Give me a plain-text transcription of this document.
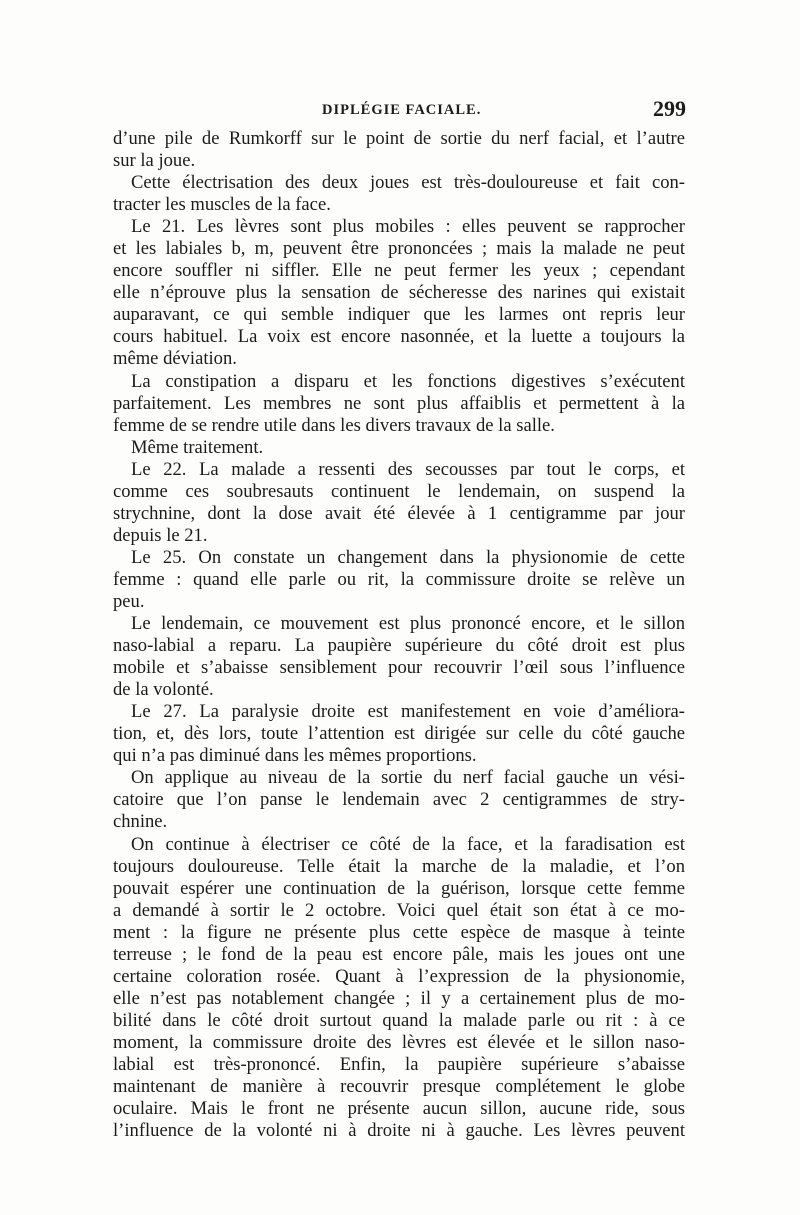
DIPLÉGIE FACIALE.	299
d’une pile de Rumkorff sur le point de sortie du nerf facial, et l’autre
sur la joue.
Cette électrisation des deux joues est très-douloureuse et fait con-
tracter les muscles de la face.
Le 21. Les lèvres sont plus mobiles : elles peuvent se rapprocher
et les labiales b, m, peuvent être prononcées ; mais la malade ne peut
encore souffler ni siffler. Elle ne peut fermer les yeux ; cependant
elle n’éprouve plus la sensation de sécheresse des narines qui existait
auparavant, ce qui semble indiquer que les larmes ont repris leur
cours habituel. La voix est encore nasonnée, et la luette a toujours la
même déviation.
La constipation a disparu et les fonctions digestives s’exécutent
parfaitement. Les membres ne sont plus affaiblis et permettent à la
femme de se rendre utile dans les divers travaux de la salle.
Même traitement.
Le 22. La malade a ressenti des secousses par tout le corps, et
comme ces soubresauts continuent le lendemain, on suspend la
strychnine, dont la dose avait été élevée à 1 centigramme par jour
depuis le 21.
Le 25. On constate un changement dans la physionomie de cette
femme : quand elle parle ou rit, la commissure droite se relève un
peu.
Le lendemain, ce mouvement est plus prononcé encore, et le sillon
naso-labial a reparu. La paupière supérieure du côté droit est plus
mobile et s’abaisse sensiblement pour recouvrir l’œil sous l’influence
de la volonté.
Le 27. La paralysie droite est manifestement en voie d’améliora-
tion, et, dès lors, toute l’attention est dirigée sur celle du côté gauche
qui n’a pas diminué dans les mêmes proportions.
On applique au niveau de la sortie du nerf facial gauche un vési-
catoire que l’on panse le lendemain avec 2 centigrammes de stry-
chnine.
On continue à électriser ce côté de la face, et la faradisation est
toujours douloureuse. Telle était la marche de la maladie, et l’on
pouvait espérer une continuation de la guérison, lorsque cette femme
a demandé à sortir le 2 octobre. Voici quel était son état à ce mo-
ment : la figure ne présente plus cette espèce de masque à teinte
terreuse ; le fond de la peau est encore pâle, mais les joues ont une
certaine coloration rosée. Quant à l’expression de la physionomie,
elle n’est pas notablement changée ; il y a certainement plus de mo-
bilité dans le côté droit surtout quand la malade parle ou rit : à ce
moment, la commissure droite des lèvres est élevée et le sillon naso-
labial est très-prononcé. Enfin, la paupière supérieure s’abaisse
maintenant de manière à recouvrir presque complétement le globe
oculaire. Mais le front ne présente aucun sillon, aucune ride, sous
l’influence de la volonté ni à droite ni à gauche. Les lèvres peuvent
